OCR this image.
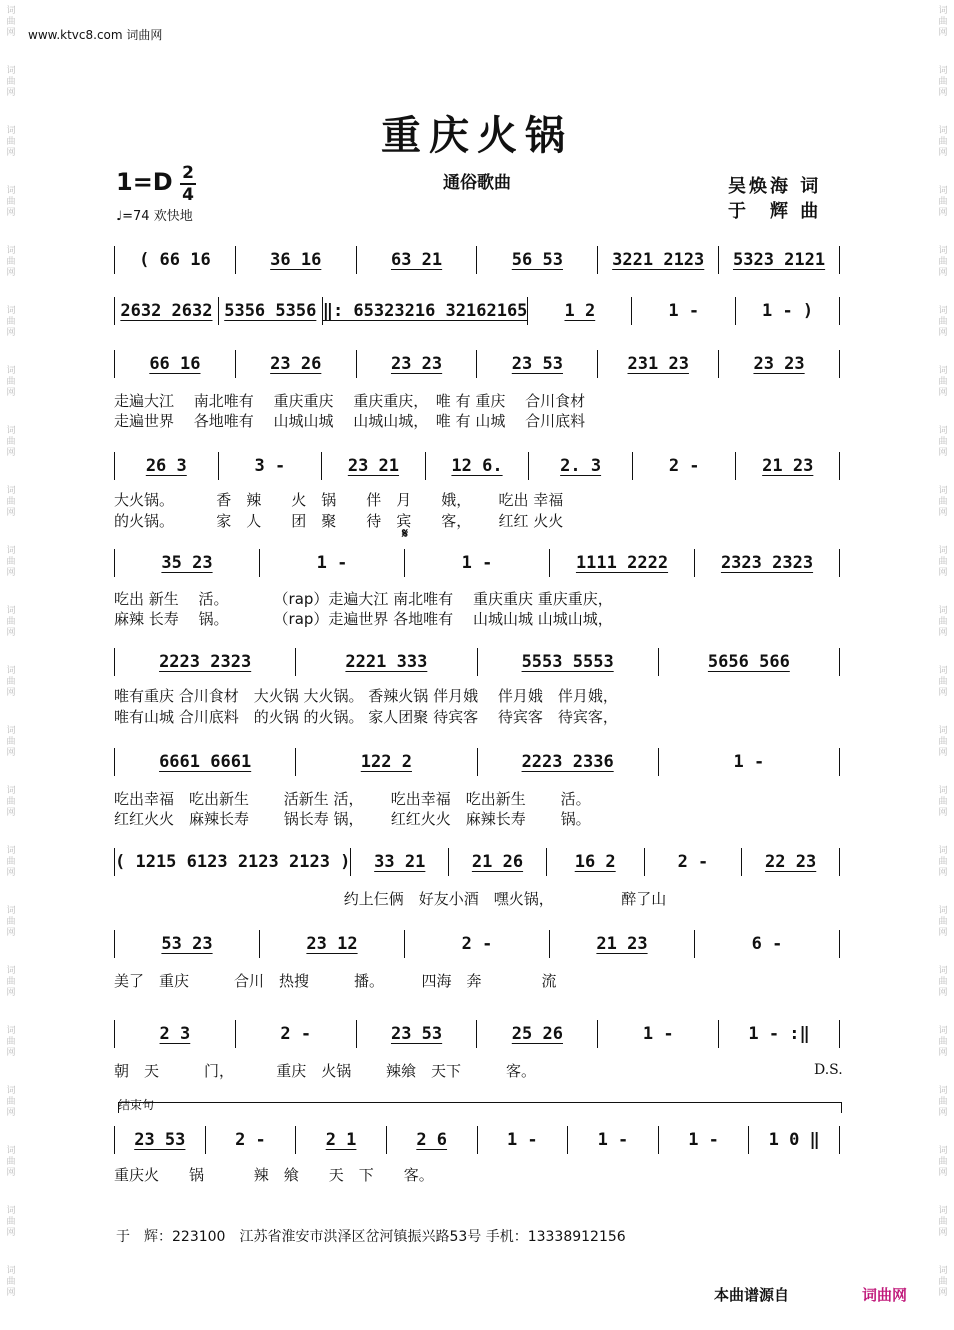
词曲网
词曲网
词曲网
词曲网
词曲网
词曲网
词曲网
词曲网
词曲网
词曲网
词曲网
词曲网
词曲网
词曲网
词曲网
词曲网
词曲网
词曲网
词曲网
词曲网
词曲网
词曲网
词曲网
词曲网
词曲网
词曲网
词曲网
词曲网
词曲网
词曲网
词曲网
词曲网
词曲网
词曲网
词曲网
词曲网
词曲网
词曲网
词曲网
词曲网
词曲网
词曲网
词曲网
词曲网
www.ktvc8.com 词曲网
重庆火锅
通俗歌曲
1=D 2
4
♩=74 欢快地
吴焕海 词
于　辉 曲
( 66 16	36 16	63 21	56 53	3221 2123	5323 2121
2632 2632 5356 5356 ‖: 65323216 32162165	1 2	1 -	1 - )
66 16	23 26	23 23	23 53	231 23	23 23
走遍大江　 南北唯有　 重庆重庆　 重庆重庆，　唯 有 重庆　 合川食材
走遍世界　 各地唯有　 山城山城　 山城山城，　唯 有 山城　 合川底料
26 3	3 -	23 21	12 6.	2. 3	2 -	21 23
大火锅。　　　 香　辣　　火　锅　　伴　月　　娥，　　 吃出 幸福
的火锅。　　　 家　人　　团　聚　　待　宾　　客，　　 红红 火火
𝄋
35 23	1 -	1 -	1111 2222	2323 2323
吃出 新生　 活。　　　　（rap）走遍大江 南北唯有　 重庆重庆 重庆重庆，
麻辣 长寿　 锅。　　　　（rap）走遍世界 各地唯有　 山城山城 山城山城，
2223 2323	2221 333	5553 5553	5656 566
唯有重庆 合川食材　大火锅 大火锅。 香辣火锅 伴月娥　 伴月娥　伴月娥，
唯有山城 合川底料　的火锅 的火锅。 家人团聚 待宾客　 待宾客　待宾客，
6661 6661	122 2	2223 2336	1 -
吃出幸福　吃出新生　　 活新生 活，　　 吃出幸福　吃出新生　　 活。
红红火火　麻辣长寿　　 锅长寿 锅，　　 红红火火　麻辣长寿　　 锅。
( 1215 6123 2123 2123 )	33 21	21 26	16 2	2 -	22 23
　　　　　　　　　　　　　　　 约上仨俩　好友小酒　嘿火锅，　　　　　醉了山
53 23	23 12	2 -	21 23	6 -
美了　重庆　　　合川　热搜　　　播。　　　四海　奔　　　　流
2 3	2 -	23 53	25 26	1 -	1 - :‖
朝　天　　　门，　　　 重庆　火锅　　 辣飨　天下　　　客。	D.S.
结束句
23 53	2 -	2 1	2 6	1 -	1 -	1 -	1 0 ‖
重庆火　　锅　　　 辣　飨　　天　下　　客。
于　辉：223100　江苏省淮安市洪泽区岔河镇振兴路53号 手机：13338912156
本曲谱源自	词曲网
